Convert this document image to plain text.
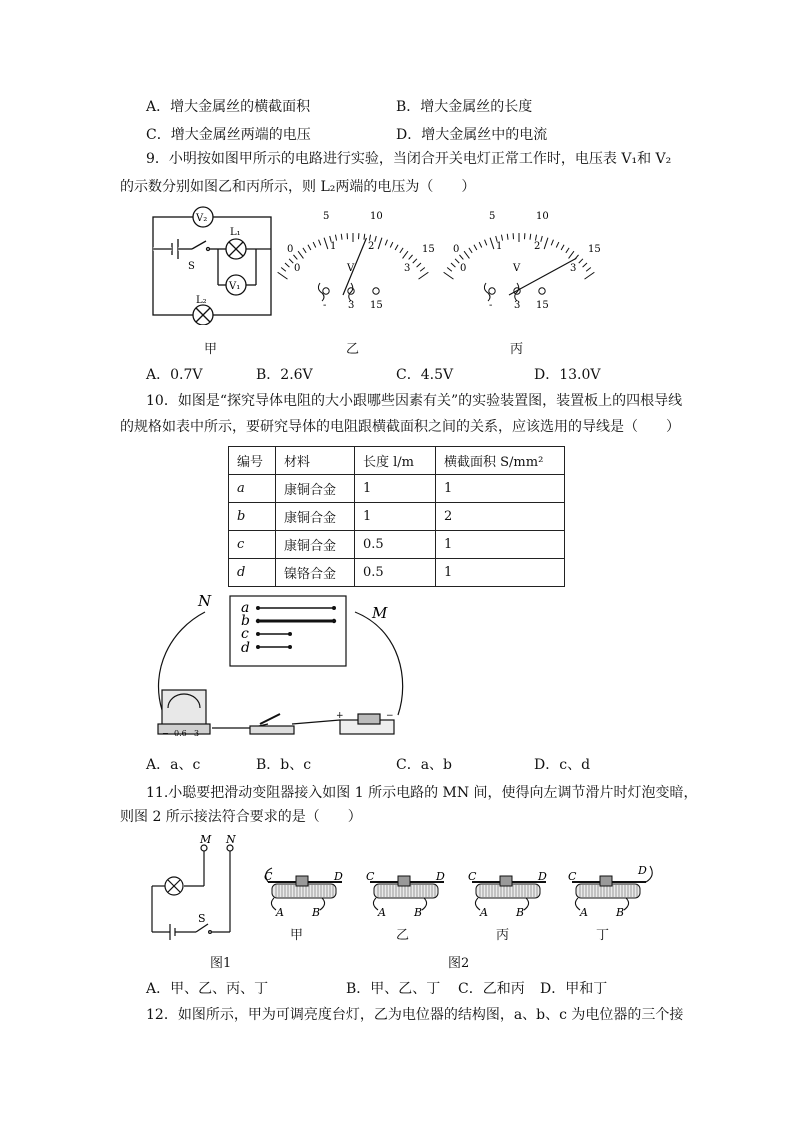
A．增大金属丝的横截面积	B．增大金属丝的长度
C．增大金属丝两端的电压	D．增大金属丝中的电流
9．小明按如图甲所示的电路进行实验，当闭合开关电灯正常工作时，电压表 V₁和 V₂
的示数分别如图乙和丙所示，则 L₂两端的电压为（　　）
V₂
L₁
S
V₁
L₂
甲
0
5	10
15
0
1	2
3
V
- 3 15
乙
0
5	10
15
0
1	2
3
V
- 3 15
丙
A．0.7V	B．2.6V	C．4.5V	D．13.0V
10．如图是“探究导体电阻的大小跟哪些因素有关”的实验装置图，装置板上的四根导线
的规格如表中所示，要研究导体的电阻跟横截面积之间的关系，应该选用的导线是（　　）
编号	材料	长度 l/m	横截面积 S/mm²
a	康铜合金	1	1
b	康铜合金	1	2
c	康铜合金	0.5	1
d	镍铬合金	0.5	1
a
b
c
d
N
M
− 0.6 3
+	−
A．a、c	B．b、c	C．a、b	D．c、d
11.小聪要把滑动变阻器接入如图 1 所示电路的 MN 间，使得向左调节滑片时灯泡变暗，
则图 2 所示接法符合要求的是（　　）
M N
S
图1
C	D
A	B
C	D
A	B
C	D
A	B
C	D
A	B
甲	乙	丙	丁
图2
A．甲、乙、丙、丁	B．甲、乙、丁 C．乙和丙 D．甲和丁
12．如图所示，甲为可调亮度台灯，乙为电位器的结构图，a、b、c 为电位器的三个接
